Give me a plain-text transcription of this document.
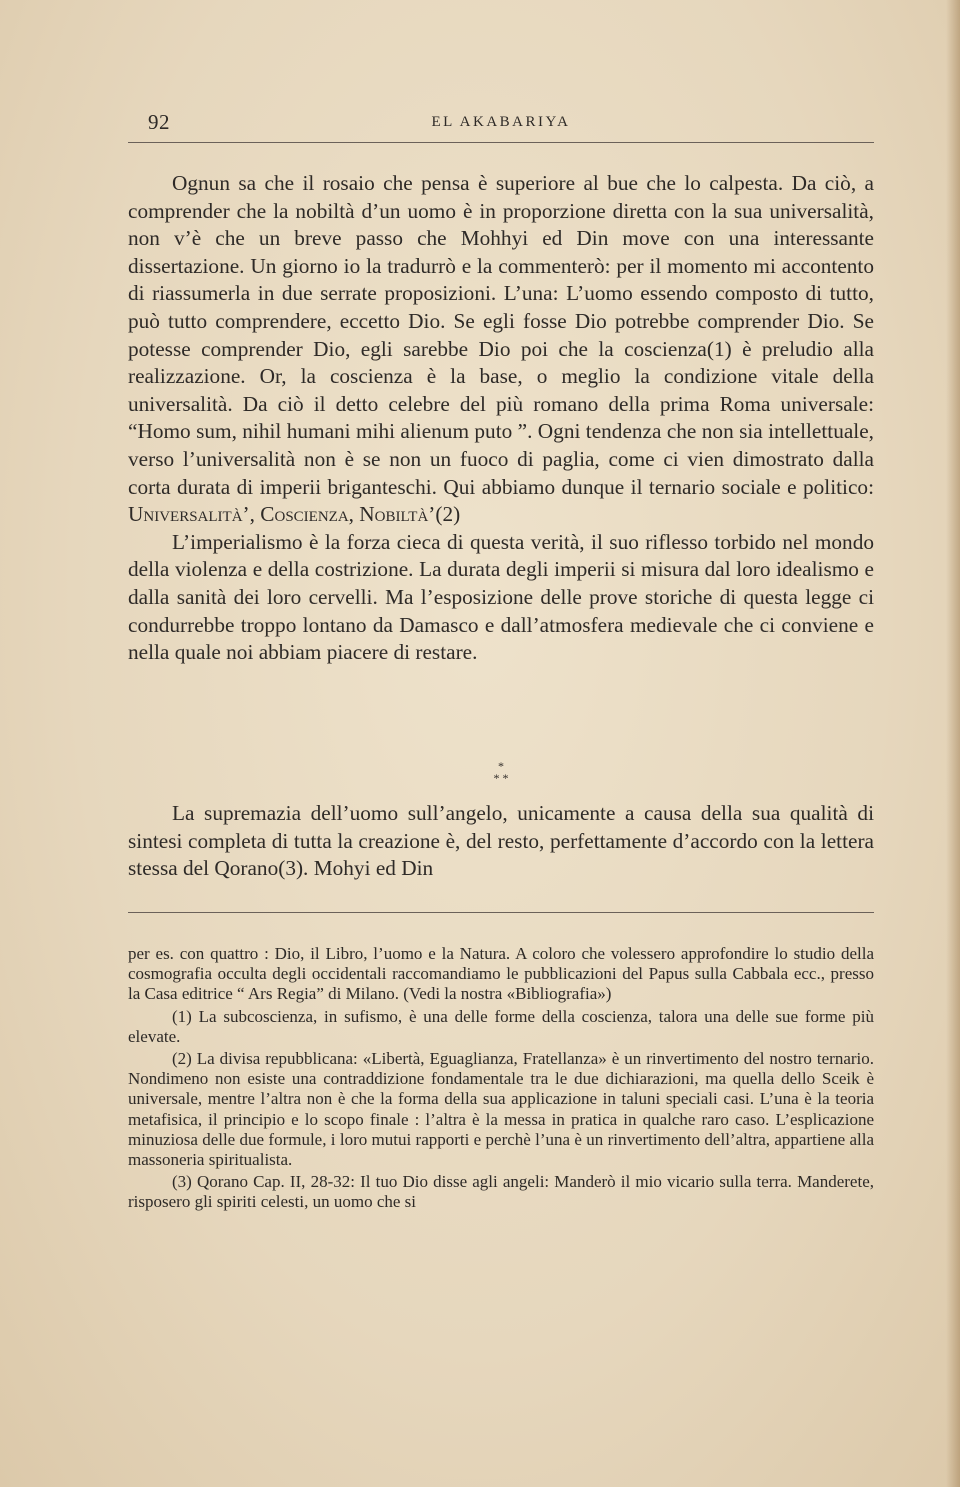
92	EL AKABARIYA

Ognun sa che il rosaio che pensa è superiore al bue che lo calpesta. Da ciò, a comprender che la nobiltà d’un uomo è in proporzione diretta con la sua universalità, non v’è che un breve passo che Mohhyi ed Din move con una interessante dissertazione. Un giorno io la tradurrò e la commenterò: per il momento mi accontento di riassumerla in due serrate proposizioni. L’una: L’uomo essendo composto di tutto, può tutto comprendere, eccetto Dio. Se egli fosse Dio potrebbe comprender Dio. Se potesse comprender Dio, egli sarebbe Dio poi che la coscienza(1) è preludio alla realizzazione. Or, la coscienza è la base, o meglio la condizione vitale della universalità. Da ciò il detto celebre del più romano della prima Roma universale: “Homo sum, nihil humani mihi alienum puto ”. Ogni tendenza che non sia intellettuale, verso l’universalità non è se non un fuoco di paglia, come ci vien dimostrato dalla corta durata di imperii briganteschi. Qui abbiamo dunque il ternario sociale e politico: Universalità’, Coscienza, Nobiltà’(2)

L’imperialismo è la forza cieca di questa verità, il suo riflesso torbido nel mondo della violenza e della costrizione. La durata degli imperii si misura dal loro idealismo e dalla sanità dei loro cervelli. Ma l’esposizione delle prove storiche di questa legge ci condurrebbe troppo lontano da Damasco e dall’atmosfera medievale che ci conviene e nella quale noi abbiam piacere di restare.

*
* *

La supremazia dell’uomo sull’angelo, unicamente a causa della sua qualità di sintesi completa di tutta la creazione è, del resto, perfettamente d’accordo con la lettera stessa del Qorano(3). Mohyi ed Din

per es. con quattro : Dio, il Libro, l’uomo e la Natura. A coloro che volessero approfondire lo studio della cosmografia occulta degli occidentali raccomandiamo le pubblicazioni del Papus sulla Cabbala ecc., presso la Casa editrice “ Ars Regia” di Milano. (Vedi la nostra «Bibliografia»)

(1) La subcoscienza, in sufismo, è una delle forme della coscienza, talora una delle sue forme più elevate.

(2) La divisa repubblicana: «Libertà, Eguaglianza, Fratellanza» è un rinvertimento del nostro ternario. Nondimeno non esiste una contraddizione fondamentale tra le due dichiarazioni, ma quella dello Sceik è universale, mentre l’altra non è che la forma della sua applicazione in taluni speciali casi. L’una è la teoria metafisica, il principio e lo scopo finale : l’altra è la messa in pratica in qualche raro caso. L’esplicazione minuziosa delle due formule, i loro mutui rapporti e perchè l’una è un rinvertimento dell’altra, appartiene alla massoneria spiritualista.

(3) Qorano Cap. II, 28-32: Il tuo Dio disse agli angeli: Manderò il mio vicario sulla terra. Manderete, risposero gli spiriti celesti, un uomo che si
